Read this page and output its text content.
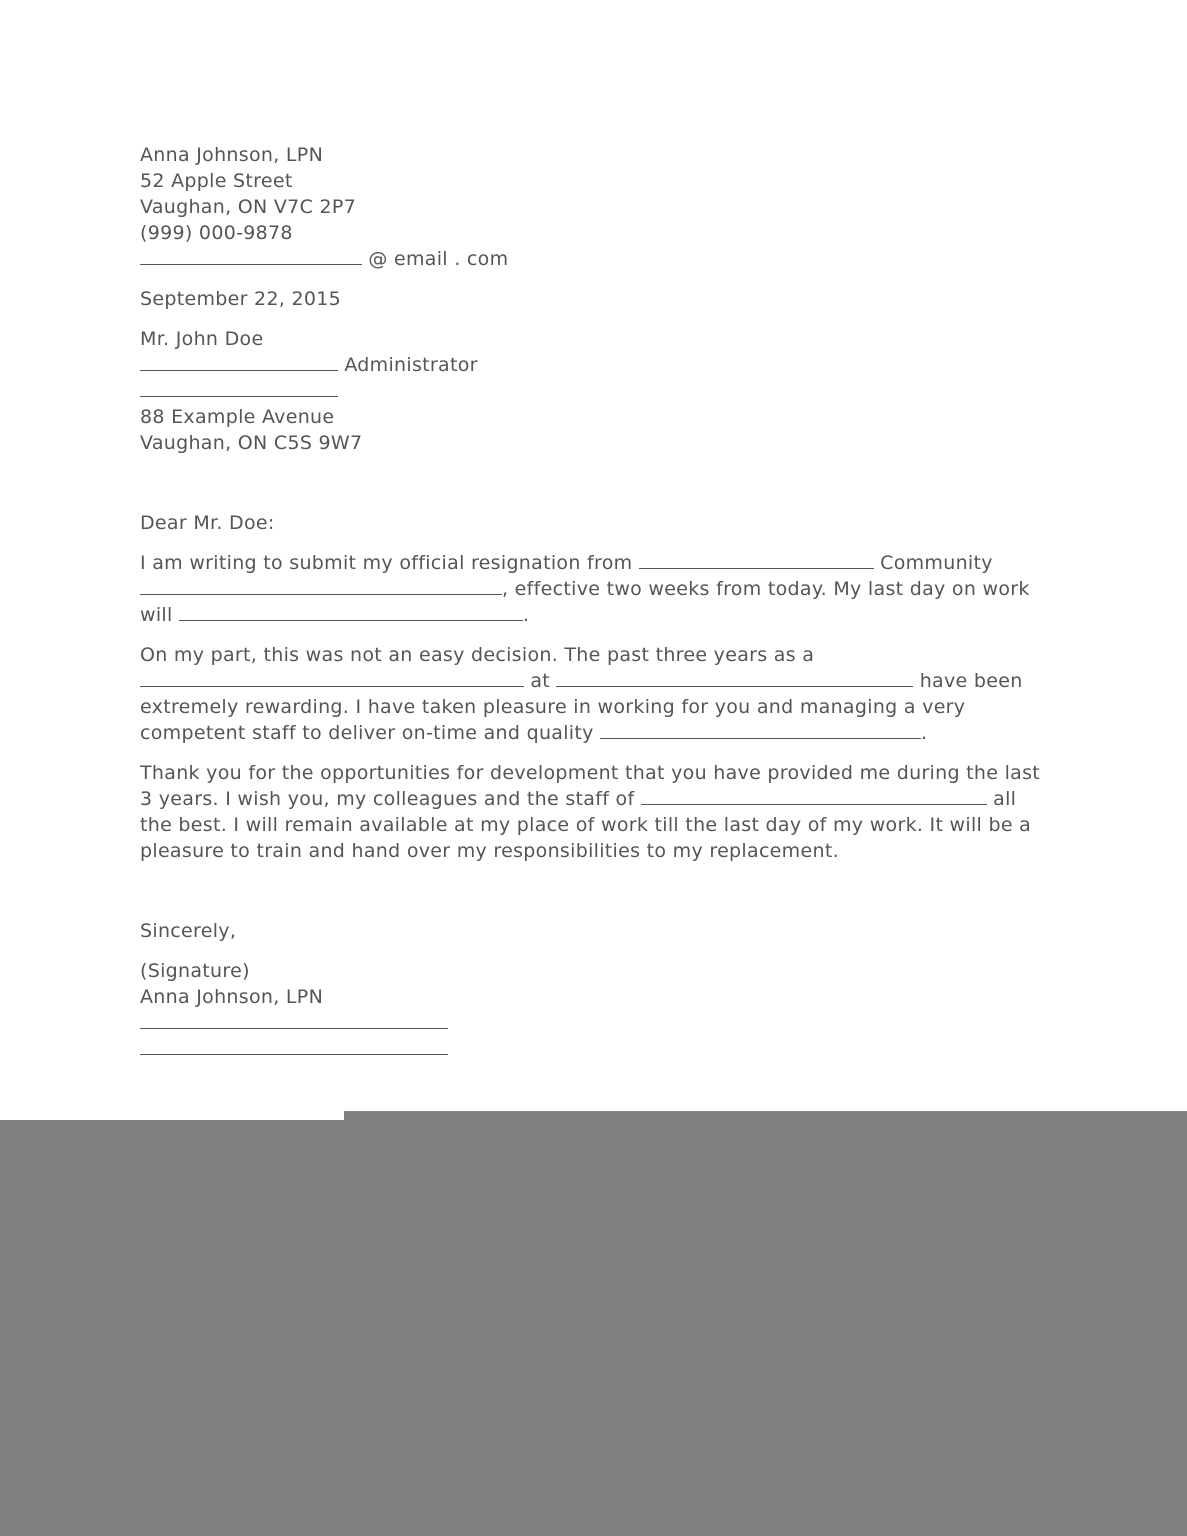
Anna Johnson, LPN
52 Apple Street
Vaughan, ON V7C 2P7
(999) 000-9878
@ email . com
September 22, 2015
Mr. John Doe
Administrator
88 Example Avenue
Vaughan, ON C5S 9W7
Dear Mr. Doe:
I am writing to submit my official resignation from	Community
, effective two weeks from today. My last day on work
will	.
On my part, this was not an easy decision. The past three years as a
at	have been
extremely rewarding. I have taken pleasure in working for you and managing a very
competent staff to deliver on-time and quality	.
Thank you for the opportunities for development that you have provided me during the last
3 years. I wish you, my colleagues and the staff of	all
the best. I will remain available at my place of work till the last day of my work. It will be a
pleasure to train and hand over my responsibilities to my replacement.
Sincerely,
(Signature)
Anna Johnson, LPN
